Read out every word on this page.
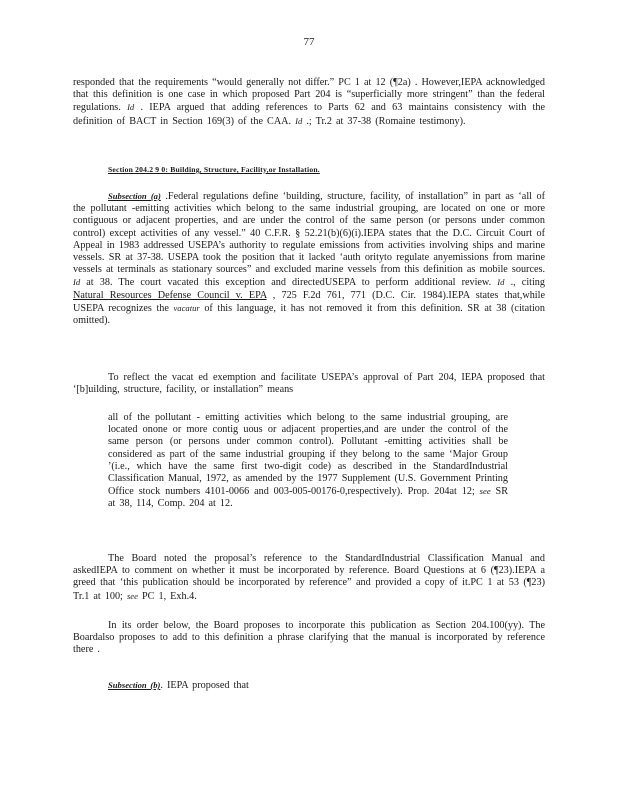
77
responded that the requirements “would generally not differ.” PC 1 at 12 (¶2a) . However,IEPA acknowledged that this definition is one case in which proposed Part 204 is “superficially more stringent” than the federal regulations. Id . IEPA argued that adding references to Parts 62 and 63 maintains consistency with the definition of BACT in Section 169(3) of the CAA. Id .; Tr.2 at 37-38 (Romaine testimony).
Section 204.2 9 0: Building, Structure, Facility,or Installation.
Subsection (a) .Federal regulations define ‘building, structure, facility, of installation” in part as ‘all of the pollutant -emitting activities which belong to the same industrial grouping, are located on one or more contiguous or adjacent properties, and are under the control of the same person (or persons under common control) except activities of any vessel.” 40 C.F.R. § 52.21(b)(6)(i).IEPA states that the D.C. Circuit Court of Appeal in 1983 addressed USEPA’s authority to regulate emissions from activities involving ships and marine vessels. SR at 37-38. USEPA took the position that it lacked ‘auth orityto regulate anyemissions from marine vessels at terminals as stationary sources” and excluded marine vessels from this definition as mobile sources. Id at 38. The court vacated this exception and directedUSEPA to perform additional review. Id ., citing Natural Resources Defense Council v. EPA , 725 F.2d 761, 771 (D.C. Cir. 1984).IEPA states that,while USEPA recognizes the vacatur of this language, it has not removed it from this definition. SR at 38 (citation omitted).
To reflect the vacat ed exemption and facilitate USEPA’s approval of Part 204, IEPA proposed that ‘[b]uilding, structure, facility, or installation” means
all of the pollutant - emitting activities which belong to the same industrial grouping, are located onone or more contig uous or adjacent properties,and are under the control of the same person (or persons under common control). Pollutant -emitting activities shall be considered as part of the same industrial grouping if they belong to the same ‘Major Group ’(i.e., which have the same first two-digit code) as described in the StandardIndustrial Classification Manual, 1972, as amended by the 1977 Supplement (U.S. Government Printing Office stock numbers 4101-0066 and 003-005-00176-0,respectively). Prop. 204at 12; see SR at 38, 114, Comp. 204 at 12.
The Board noted the proposal’s reference to the StandardIndustrial Classification Manual and askedIEPA to comment on whether it must be incorporated by reference. Board Questions at 6 (¶23).IEPA a greed that ‘this publication should be incorporated by reference” and provided a copy of it.PC 1 at 53 (¶23) Tr.1 at 100; see PC 1, Exh.4.
In its order below, the Board proposes to incorporate this publication as Section 204.100(yy). The Boardalso proposes to add to this definition a phrase clarifying that the manual is incorporated by reference there .
Subsection (b). IEPA proposed that
